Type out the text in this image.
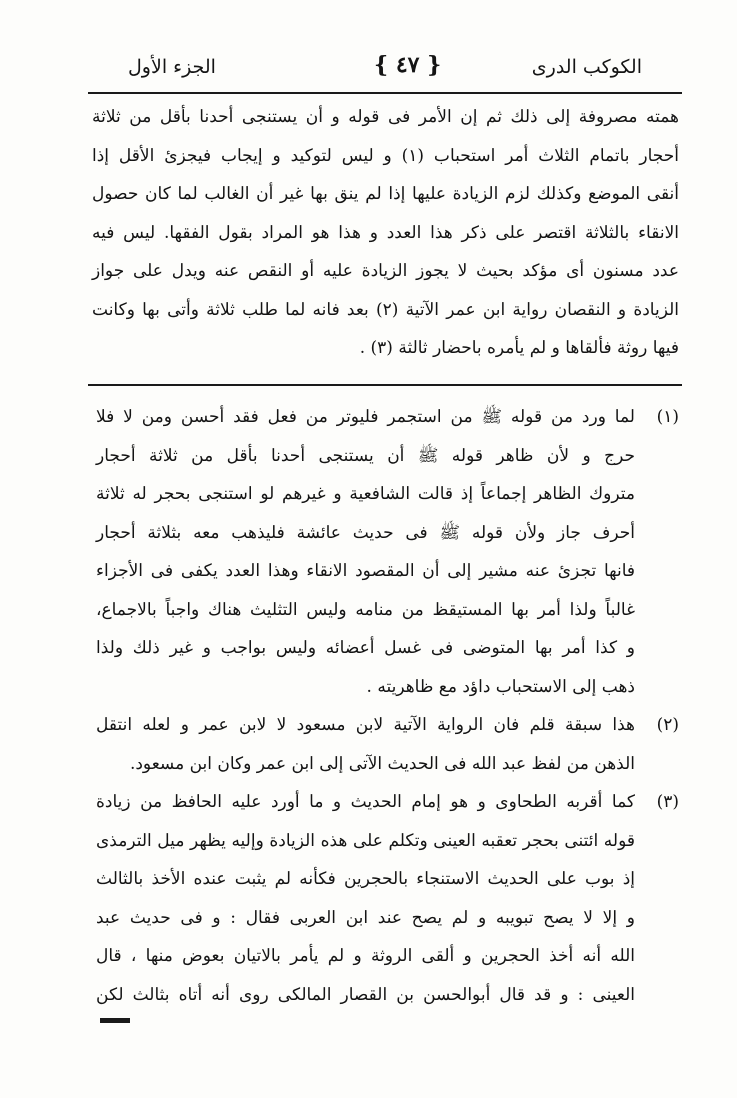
الكوكب الدرى
{ ٤٧ }
الجزء الأول

همته مصروفة إلى ذلك ثم إن الأمر فى قوله و أن يستنجى أحدنا بأقل من ثلاثة

أحجار باتمام الثلاث أمر استحباب (١) و ليس لتوكيد و إيجاب فيجزىٔ الأقل إذا

أنقى الموضع وكذلك لزم الزيادة عليها إذا لم ينق بها غير أن الغالب لما كان حصول

الانقاء بالثلاثة اقتصر على ذكر هذا العدد و هذا هو المراد بقول الفقها. ليس فيه

عدد مسنون أى مؤكد بحيث لا يجوز الزيادة عليه أو النقص عنه ويدل على جواز

الزيادة و النقصان رواية ابن عمر الآتية (٢) بعد فانه لما طلب ثلاثة وأتى بها وكانت

فيها روثة فألقاها و لم يأمره باحضار ثالثة (٣) .

(١)

لما ورد من قوله ﷺ من استجمر فليوتر من فعل فقد أحسن ومن لا فلا

حرج و لأن ظاهر قوله ﷺ أن يستنجى أحدنا بأقل من ثلاثة أحجار

متروك الظاهر إجماعاً إذ قالت الشافعية و غيرهم لو استنجى بحجر له ثلاثة

أحرف جاز ولأن قوله ﷺ فى حديث عائشة فليذهب معه بثلاثة أحجار

فانها تجزىٔ عنه مشير إلى أن المقصود الانقاء وهذا العدد يكفى فى الأجزاء

غالباً ولذا أمر بها المستيقظ من منامه وليس التثليث هناك واجباً بالاجماع،

و كذا أمر بها المتوضى فى غسل أعضائه وليس بواجب و غير ذلك ولذا

ذهب إلى الاستحباب داؤد مع ظاهريته .

(٢)

هذا سبقة قلم فان الرواية الآتية لابن مسعود لا لابن عمر و لعله انتقل

الذهن من لفظ عبد الله فى الحديث الآتى إلى ابن عمر وكان ابن مسعود.

(٣)

كما أقربه الطحاوى و هو إمام الحديث و ما أورد عليه الحافظ من زيادة

قوله ائتنى بحجر تعقبه العينى وتكلم على هذه الزيادة وإليه يظهر ميل الترمذى

إذ بوب على الحديث الاستنجاء بالحجرين فكأنه لم يثبت عنده الأخذ بالثالث

و إلا لا يصح تبويبه و لم يصح عند ابن العربى فقال : و فى حديث عبد

الله أنه أخذ الحجرين و ألقى الروثة و لم يأمر بالاتيان بعوض منها ، قال

العينى : و قد قال أبوالحسن بن القصار المالكى روى أنه أتاه بثالث لكن
